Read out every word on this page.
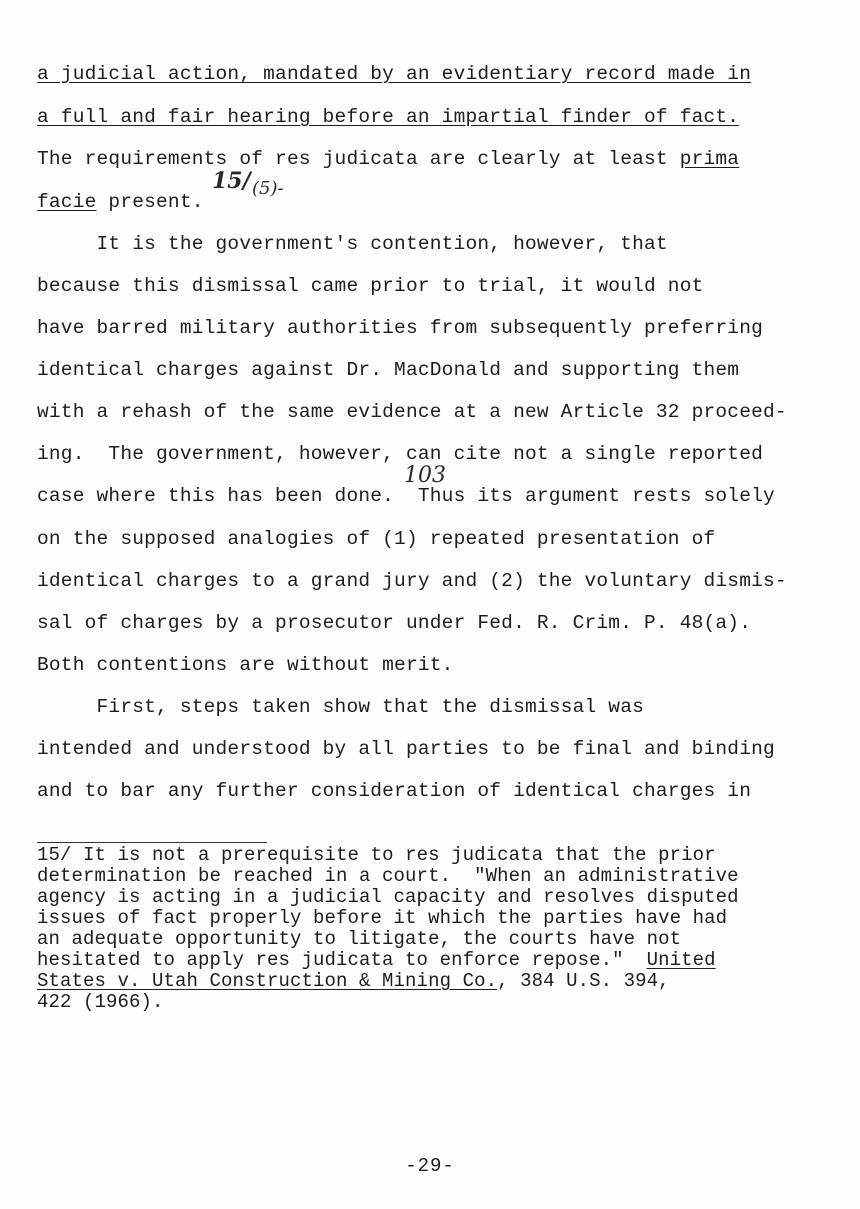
a judicial action, mandated by an evidentiary record made in
a full and fair hearing before an impartial finder of fact.
The requirements of res judicata are clearly at least prima
facie present.
15/ (5)-
It is the government's contention, however, that
because this dismissal came prior to trial, it would not
have barred military authorities from subsequently preferring
identical charges against Dr. MacDonald and supporting them
with a rehash of the same evidence at a new Article 32 proceed-
ing.  The government, however, can cite not a single reported
case where this has been done.  Thus its argument rests solely
103
on the supposed analogies of (1) repeated presentation of
identical charges to a grand jury and (2) the voluntary dismis-
sal of charges by a prosecutor under Fed. R. Crim. P. 48(a).
Both contentions are without merit.
First, steps taken show that the dismissal was
intended and understood by all parties to be final and binding
and to bar any further consideration of identical charges in
15/ It is not a prerequisite to res judicata that the prior
determination be reached in a court.  "When an administrative
agency is acting in a judicial capacity and resolves disputed
issues of fact properly before it which the parties have had
an adequate opportunity to litigate, the courts have not
hesitated to apply res judicata to enforce repose."  United
States v. Utah Construction & Mining Co., 384 U.S. 394,
422 (1966).
-29-
